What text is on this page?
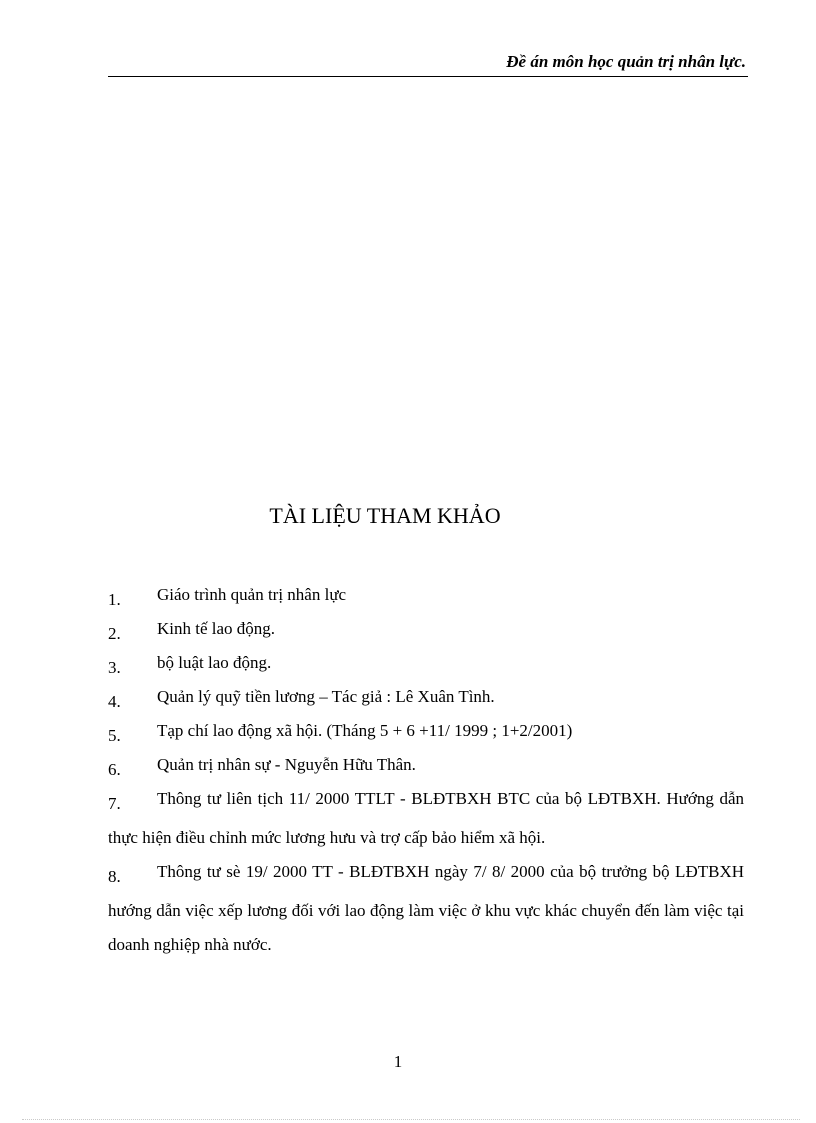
Đề án môn học quản trị nhân lực.
TÀI LIỆU THAM KHẢO
1.	Giáo trình quản trị nhân lực
2.	Kinh tế lao động.
3.	bộ luật lao động.
4.	Quản lý quỹ tiền lương – Tác giả : Lê Xuân Tình.
5.	Tạp chí lao động xã hội. (Tháng 5 + 6 +11/ 1999 ; 1+2/2001)
6.	Quản trị nhân sự - Nguyễn Hữu Thân.
7. Thông tư liên tịch 11/ 2000 TTLT - BLĐTBXH BTC của bộ LĐTBXH. Hướng dẫn thực hiện điều chỉnh mức lương hưu và trợ cấp bảo hiểm xã hội.
8. Thông tư sè 19/ 2000 TT - BLĐTBXH ngày 7/ 8/ 2000 của bộ trưởng bộ LĐTBXH hướng dẫn việc xếp lương đối với lao động làm việc ở khu vực khác chuyển đến làm việc tại doanh nghiệp nhà nước.
1
